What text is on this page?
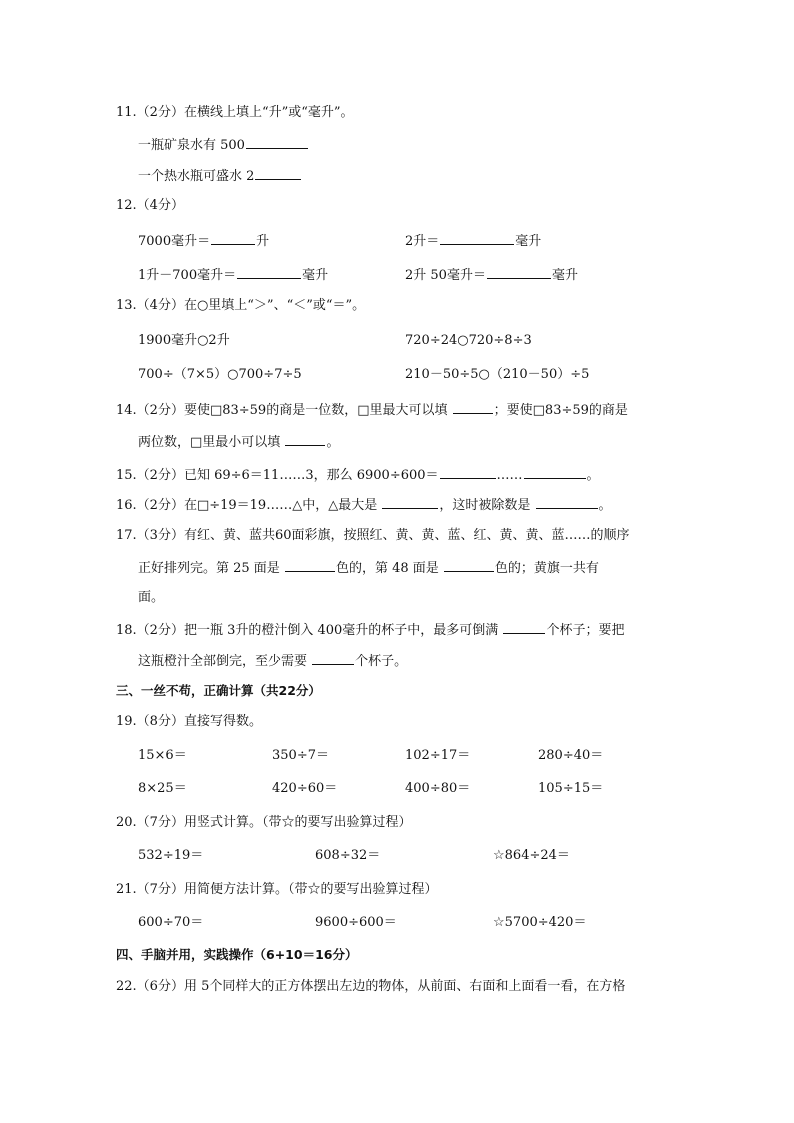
11.（2分）在横线上填上“升”或“毫升”。
一瓶矿泉水有 500
一个热水瓶可盛水 2
12.（4分）
7000毫升＝	升	2升＝	毫升
1升－700毫升＝	毫升	2升 50毫升＝	毫升
13.（4分）在○里填上“＞”、“＜”或“＝”。
1900毫升○2升	720÷24○720÷8÷3
700÷（7×5）○700÷7÷5	210－50÷5○（210－50）÷5
14.（2分）要使□83÷59的商是一位数，□里最大可以填	；要使□83÷59的商是
两位数，□里最小可以填	。
15.（2分）已知 69÷6＝11……3，那么 6900÷600＝	……	。
16.（2分）在□÷19＝19……△中，△最大是	，这时被除数是	。
17.（3分）有红、黄、蓝共60面彩旗，按照红、黄、黄、蓝、红、黄、黄、蓝……的顺序
正好排列完。第 25 面是	色的，第 48 面是	色的；黄旗一共有
面。
18.（2分）把一瓶 3升的橙汁倒入 400毫升的杯子中，最多可倒满	个杯子；要把
这瓶橙汁全部倒完，至少需要	个杯子。
三、一丝不苟，正确计算（共22分）
19.（8分）直接写得数。
15×6＝	350÷7＝	102÷17＝	280÷40＝
8×25＝	420÷60＝	400÷80＝	105÷15＝
20.（7分）用竖式计算。（带☆的要写出验算过程）
532÷19＝	608÷32＝	☆864÷24＝
21.（7分）用简便方法计算。（带☆的要写出验算过程）
600÷70＝	9600÷600＝	☆5700÷420＝
四、手脑并用，实践操作（6+10＝16分）
22.（6分）用 5个同样大的正方体摆出左边的物体，从前面、右面和上面看一看，在方格
